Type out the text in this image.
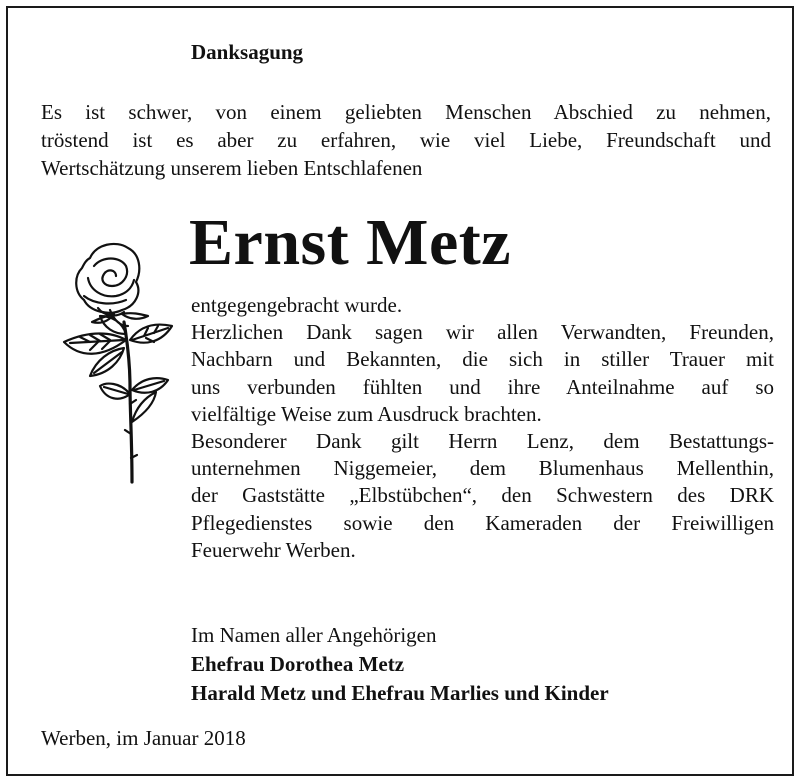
Danksagung
Es ist schwer, von einem geliebten Menschen Abschied zu nehmen,
tröstend ist es aber zu erfahren, wie viel Liebe, Freundschaft und
Wertschätzung unserem lieben Entschlafenen
Ernst Metz
entgegengebracht wurde.
Herzlichen Dank sagen wir allen Verwandten, Freunden,
Nachbarn und Bekannten, die sich in stiller Trauer mit
uns verbunden fühlten und ihre Anteilnahme auf so
vielfältige Weise zum Ausdruck brachten.
Besonderer Dank gilt Herrn Lenz, dem Bestattungs-
unternehmen Niggemeier, dem Blumenhaus Mellenthin,
der Gaststätte „Elbstübchen“, den Schwestern des DRK
Pflegedienstes sowie den Kameraden der Freiwilligen
Feuerwehr Werben.
Im Namen aller Angehörigen
Ehefrau Dorothea Metz
Harald Metz und Ehefrau Marlies und Kinder
Werben, im Januar 2018
